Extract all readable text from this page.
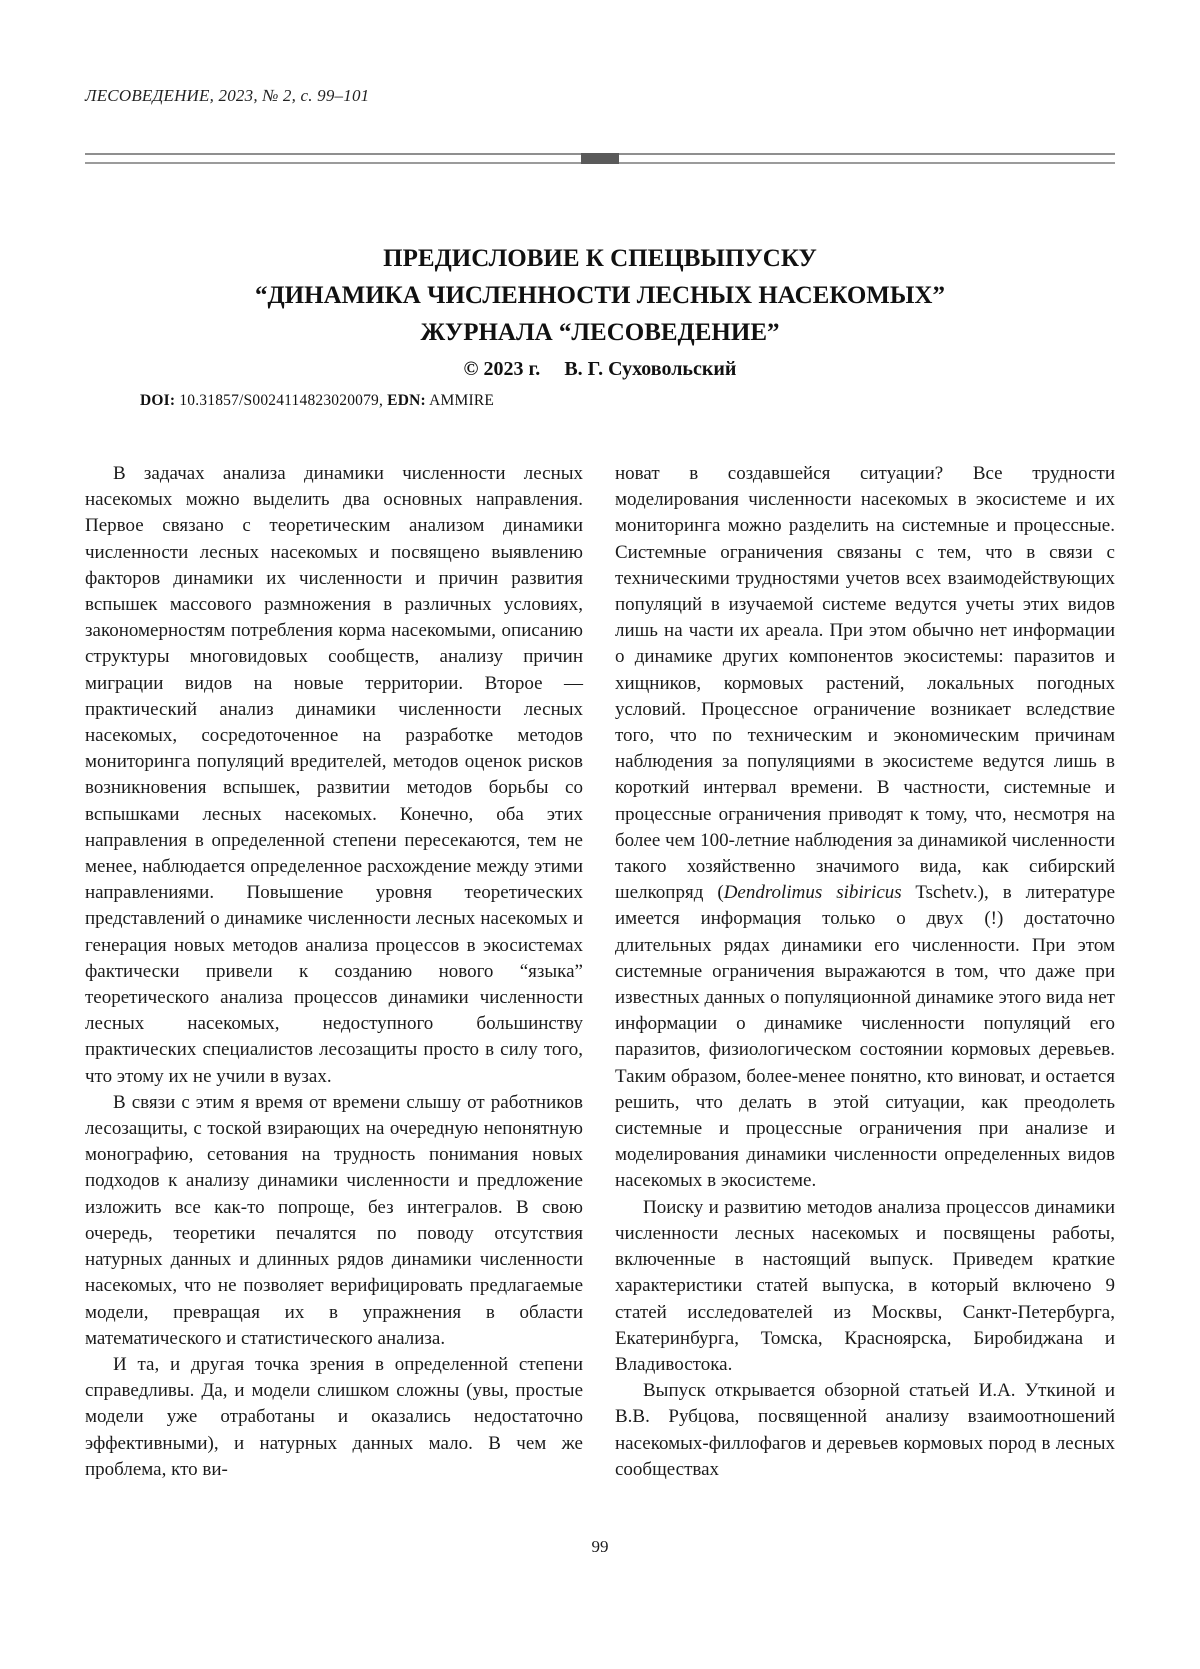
ЛЕСОВЕДЕНИЕ, 2023, № 2, с. 99–101
ПРЕДИСЛОВИЕ К СПЕЦВЫПУСКУ
“ДИНАМИКА ЧИСЛЕННОСТИ ЛЕСНЫХ НАСЕКОМЫХ”
ЖУРНАЛА “ЛЕСОВЕДЕНИЕ”
© 2023 г. В. Г. Суховольский
DOI: 10.31857/S0024114823020079, EDN: AMMIRE

В задачах анализа динамики численности лесных насекомых можно выделить два основных направления. Первое связано с теоретическим анализом динамики численности лесных насекомых и посвящено выявлению факторов динамики их численности и причин развития вспышек массового размножения в различных условиях, закономерностям потребления корма насекомыми, описанию структуры многовидовых сообществ, анализу причин миграции видов на новые территории. Второе — практический анализ динамики численности лесных насекомых, сосредоточенное на разработке методов мониторинга популяций вредителей, методов оценок рисков возникновения вспышек, развитии методов борьбы со вспышками лесных насекомых. Конечно, оба этих направления в определенной степени пересекаются, тем не менее, наблюдается определенное расхождение между этими направлениями. Повышение уровня теоретических представлений о динамике численности лесных насекомых и генерация новых методов анализа процессов в экосистемах фактически привели к созданию нового “языка” теоретического анализа процессов динамики численности лесных насекомых, недоступного большинству практических специалистов лесозащиты просто в силу того, что этому их не учили в вузах.

В связи с этим я время от времени слышу от работников лесозащиты, с тоской взирающих на очередную непонятную монографию, сетования на трудность понимания новых подходов к анализу динамики численности и предложение изложить все как-то попроще, без интегралов. В свою очередь, теоретики печалятся по поводу отсутствия натурных данных и длинных рядов динамики численности насекомых, что не позволяет верифицировать предлагаемые модели, превращая их в упражнения в области математического и статистического анализа.

И та, и другая точка зрения в определенной степени справедливы. Да, и модели слишком сложны (увы, простые модели уже отработаны и оказались недостаточно эффективными), и натурных данных мало. В чем же проблема, кто ви-

новат в создавшейся ситуации? Все трудности моделирования численности насекомых в экосистеме и их мониторинга можно разделить на системные и процессные. Системные ограничения связаны с тем, что в связи с техническими трудностями учетов всех взаимодействующих популяций в изучаемой системе ведутся учеты этих видов лишь на части их ареала. При этом обычно нет информации о динамике других компонентов экосистемы: паразитов и хищников, кормовых растений, локальных погодных условий. Процессное ограничение возникает вследствие того, что по техническим и экономическим причинам наблюдения за популяциями в экосистеме ведутся лишь в короткий интервал времени. В частности, системные и процессные ограничения приводят к тому, что, несмотря на более чем 100-летние наблюдения за динамикой численности такого хозяйственно значимого вида, как сибирский шелкопряд (Dendrolimus sibiricus Tschetv.), в литературе имеется информация только о двух (!) достаточно длительных рядах динамики его численности. При этом системные ограничения выражаются в том, что даже при известных данных о популяционной динамике этого вида нет информации о динамике численности популяций его паразитов, физиологическом состоянии кормовых деревьев. Таким образом, более-менее понятно, кто виноват, и остается решить, что делать в этой ситуации, как преодолеть системные и процессные ограничения при анализе и моделирования динамики численности определенных видов насекомых в экосистеме.

Поиску и развитию методов анализа процессов динамики численности лесных насекомых и посвящены работы, включенные в настоящий выпуск. Приведем краткие характеристики статей выпуска, в который включено 9 статей исследователей из Москвы, Санкт-Петербурга, Екатеринбурга, Томска, Красноярска, Биробиджана и Владивостока.

Выпуск открывается обзорной статьей И.А. Уткиной и В.В. Рубцова, посвященной анализу взаимоотношений насекомых-филлофагов и деревьев кормовых пород в лесных сообществах

99
